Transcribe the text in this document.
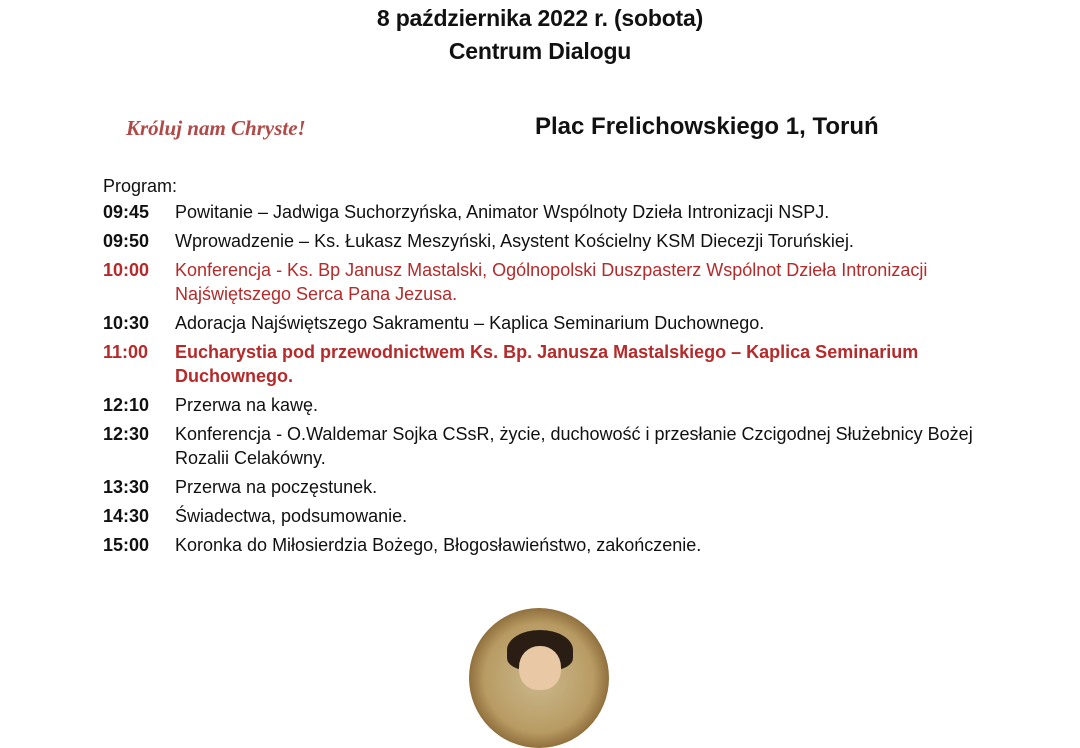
8 października 2022 r. (sobota)
Centrum Dialogu
Króluj nam Chryste!	Plac Frelichowskiego 1, Toruń
Program:
09:45	Powitanie – Jadwiga Suchorzyńska, Animator Wspólnoty Dzieła Intronizacji NSPJ.
09:50	Wprowadzenie – Ks. Łukasz Meszyński, Asystent Kościelny KSM Diecezji Toruńskiej.
10:00	Konferencja - Ks. Bp Janusz Mastalski, Ogólnopolski Duszpasterz Wspólnot Dzieła Intronizacji Najświętszego Serca Pana Jezusa.
10:30	Adoracja Najświętszego Sakramentu – Kaplica Seminarium Duchownego.
11:00	Eucharystia pod przewodnictwem Ks. Bp. Janusza Mastalskiego – Kaplica Seminarium Duchownego.
12:10	Przerwa na kawę.
12:30	Konferencja - O.Waldemar Sojka CSsR, życie, duchowość i przesłanie Czcigodnej Służebnicy Bożej Rozalii Celakówny.
13:30	Przerwa na poczęstunek.
14:30	Świadectwa, podsumowanie.
15:00	Koronka do Miłosierdzia Bożego, Błogosławieństwo, zakończenie.
